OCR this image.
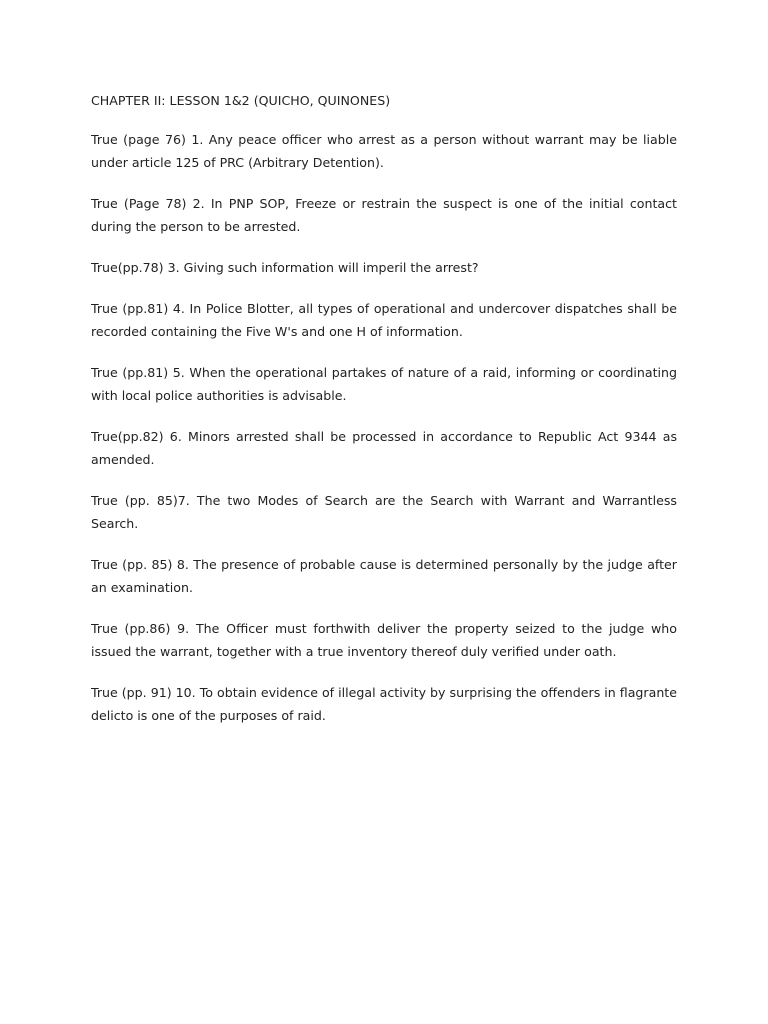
CHAPTER II: LESSON 1&2 (QUICHO, QUINONES)

True (page 76) 1. Any peace officer who arrest as a person without warrant may be liable under article 125 of PRC (Arbitrary Detention).

True (Page 78) 2. In PNP SOP, Freeze or restrain the suspect is one of the initial contact during the person to be arrested.

True(pp.78) 3. Giving such information will imperil the arrest?

True (pp.81) 4. In Police Blotter, all types of operational and undercover dispatches shall be recorded containing the Five W's and one H of information.

True (pp.81) 5. When the operational partakes of nature of a raid, informing or coordinating with local police authorities is advisable.

True(pp.82) 6. Minors arrested shall be processed in accordance to Republic Act 9344 as amended.

True (pp. 85)7. The two Modes of Search are the Search with Warrant and Warrantless Search.

True (pp. 85) 8. The presence of probable cause is determined personally by the judge after an examination.

True (pp.86) 9. The Officer must forthwith deliver the property seized to the judge who issued the warrant, together with a true inventory thereof duly verified under oath.

True (pp. 91) 10. To obtain evidence of illegal activity by surprising the offenders in flagrante delicto is one of the purposes of raid.
